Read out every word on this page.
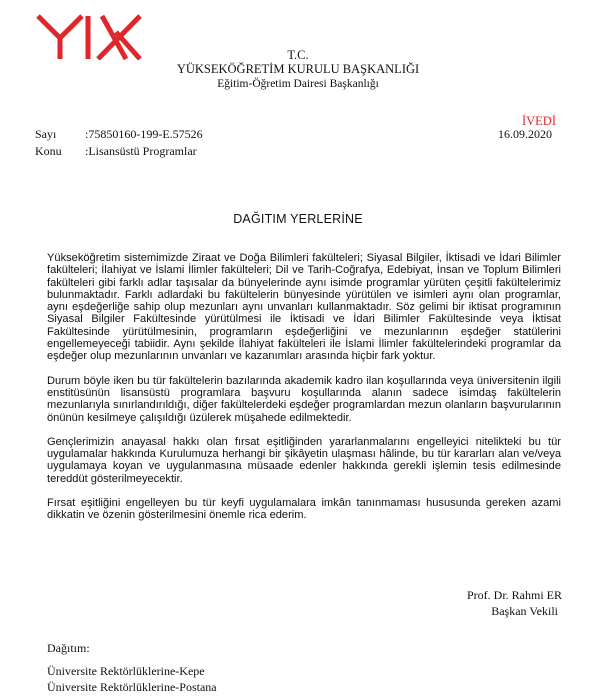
T.C.
YÜKSEKÖĞRETİM KURULU BAŞKANLIĞI
Eğitim-Öğretim Dairesi Başkanlığı
İVEDİ
16.09.2020
Sayı :75850160-199-E.57526
Konu :Lisansüstü Programlar
DAĞITIM YERLERİNE

Yükseköğretim sistemimizde Ziraat ve Doğa Bilimleri fakülteleri; Siyasal Bilgiler, İktisadi ve İdari Bilimler fakülteleri; İlahiyat ve İslami İlimler fakülteleri; Dil ve Tarih-Coğrafya, Edebiyat, İnsan ve Toplum Bilimleri fakülteleri gibi farklı adlar taşısalar da bünyelerinde aynı isimde programlar yürüten çeşitli fakültelerimiz bulunmaktadır. Farklı adlardaki bu fakültelerin bünyesinde yürütülen ve isimleri aynı olan programlar, aynı eşdeğerliğe sahip olup mezunları aynı unvanları kullanmaktadır. Söz gelimi bir iktisat programının Siyasal Bilgiler Fakültesinde yürütülmesi ile İktisadi ve İdari Bilimler Fakültesinde veya İktisat Fakültesinde yürütülmesinin, programların eşdeğerliğini ve mezunlarının eşdeğer statülerini engellemeyeceği tabiidir. Aynı şekilde İlahiyat fakülteleri ile İslami İlimler fakültelerindeki programlar da eşdeğer olup mezunlarının unvanları ve kazanımları arasında hiçbir fark yoktur.

Durum böyle iken bu tür fakültelerin bazılarında akademik kadro ilan koşullarında veya üniversitenin ilgili enstitüsünün lisansüstü programlara başvuru koşullarında alanın sadece isimdaş fakültelerin mezunlarıyla sınırlandırıldığı, diğer fakültelerdeki eşdeğer programlardan mezun olanların başvurularının önünün kesilmeye çalışıldığı üzülerek müşahede edilmektedir.

Gençlerimizin anayasal hakkı olan fırsat eşitliğinden yararlanmalarını engelleyici nitelikteki bu tür uygulamalar hakkında Kurulumuza herhangi bir şikâyetin ulaşması hâlinde, bu tür kararları alan ve/veya uygulamaya koyan ve uygulanmasına müsaade edenler hakkında gerekli işlemin tesis edilmesinde tereddüt gösterilmeyecektir.

Fırsat eşitliğini engelleyen bu tür keyfi uygulamalara imkân tanınmaması hususunda gereken azami dikkatin ve özenin gösterilmesini önemle rica ederim.

Prof. Dr. Rahmi ER
Başkan Vekili
Dağıtım:
Üniversite Rektörlüklerine-Kepe
Üniversite Rektörlüklerine-Postana
